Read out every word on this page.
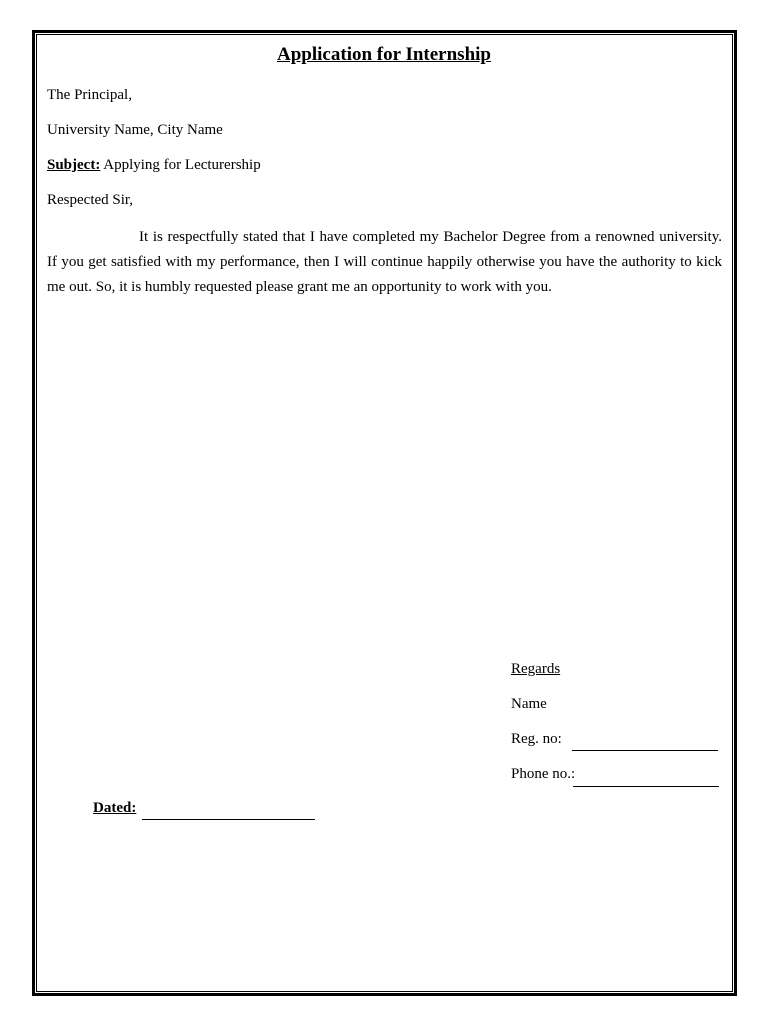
Application for Internship
The Principal,
University Name, City Name
Subject: Applying for Lecturership
Respected Sir,
It is respectfully stated that I have completed my Bachelor Degree from a renowned university. If you get satisfied with my performance, then I will continue happily otherwise you have the authority to kick me out. So, it is humbly requested please grant me an opportunity to work with you.
Regards
Name
Reg. no:
Phone no.:
Dated:
